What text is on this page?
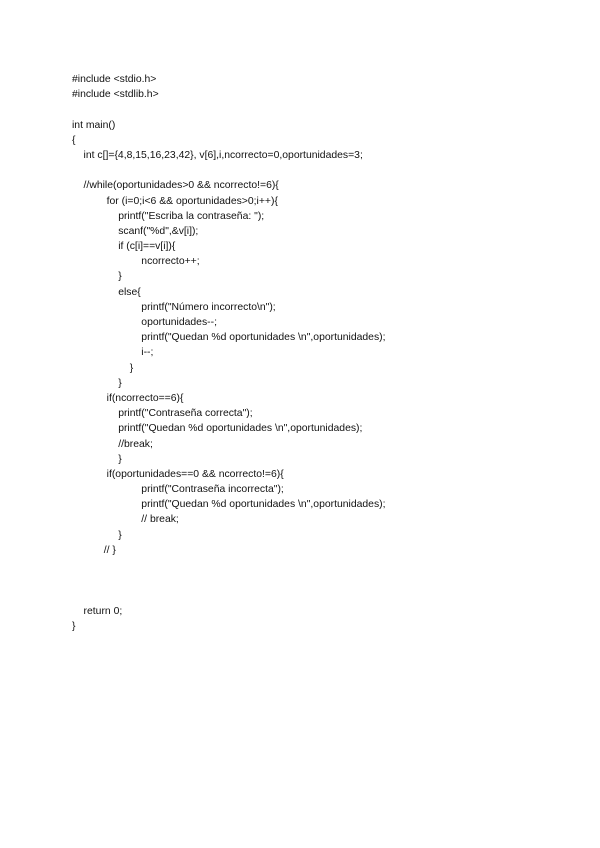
#include <stdio.h>
#include <stdlib.h>
int main()
{
int c[]={4,8,15,16,23,42}, v[6],i,ncorrecto=0,oportunidades=3;
//while(oportunidades>0 && ncorrecto!=6){
for (i=0;i<6 && oportunidades>0;i++){
printf("Escriba la contraseña: ");
scanf("%d",&v[i]);
if (c[i]==v[i]){
ncorrecto++;
}
else{
printf("Número incorrecto\n");
oportunidades--;
printf("Quedan %d oportunidades \n",oportunidades);
i--;
}
}
if(ncorrecto==6){
printf("Contraseña correcta");
printf("Quedan %d oportunidades \n",oportunidades);
//break;
}
if(oportunidades==0 && ncorrecto!=6){
printf("Contraseña incorrecta");
printf("Quedan %d oportunidades \n",oportunidades);
// break;
}
// }
return 0;
}
